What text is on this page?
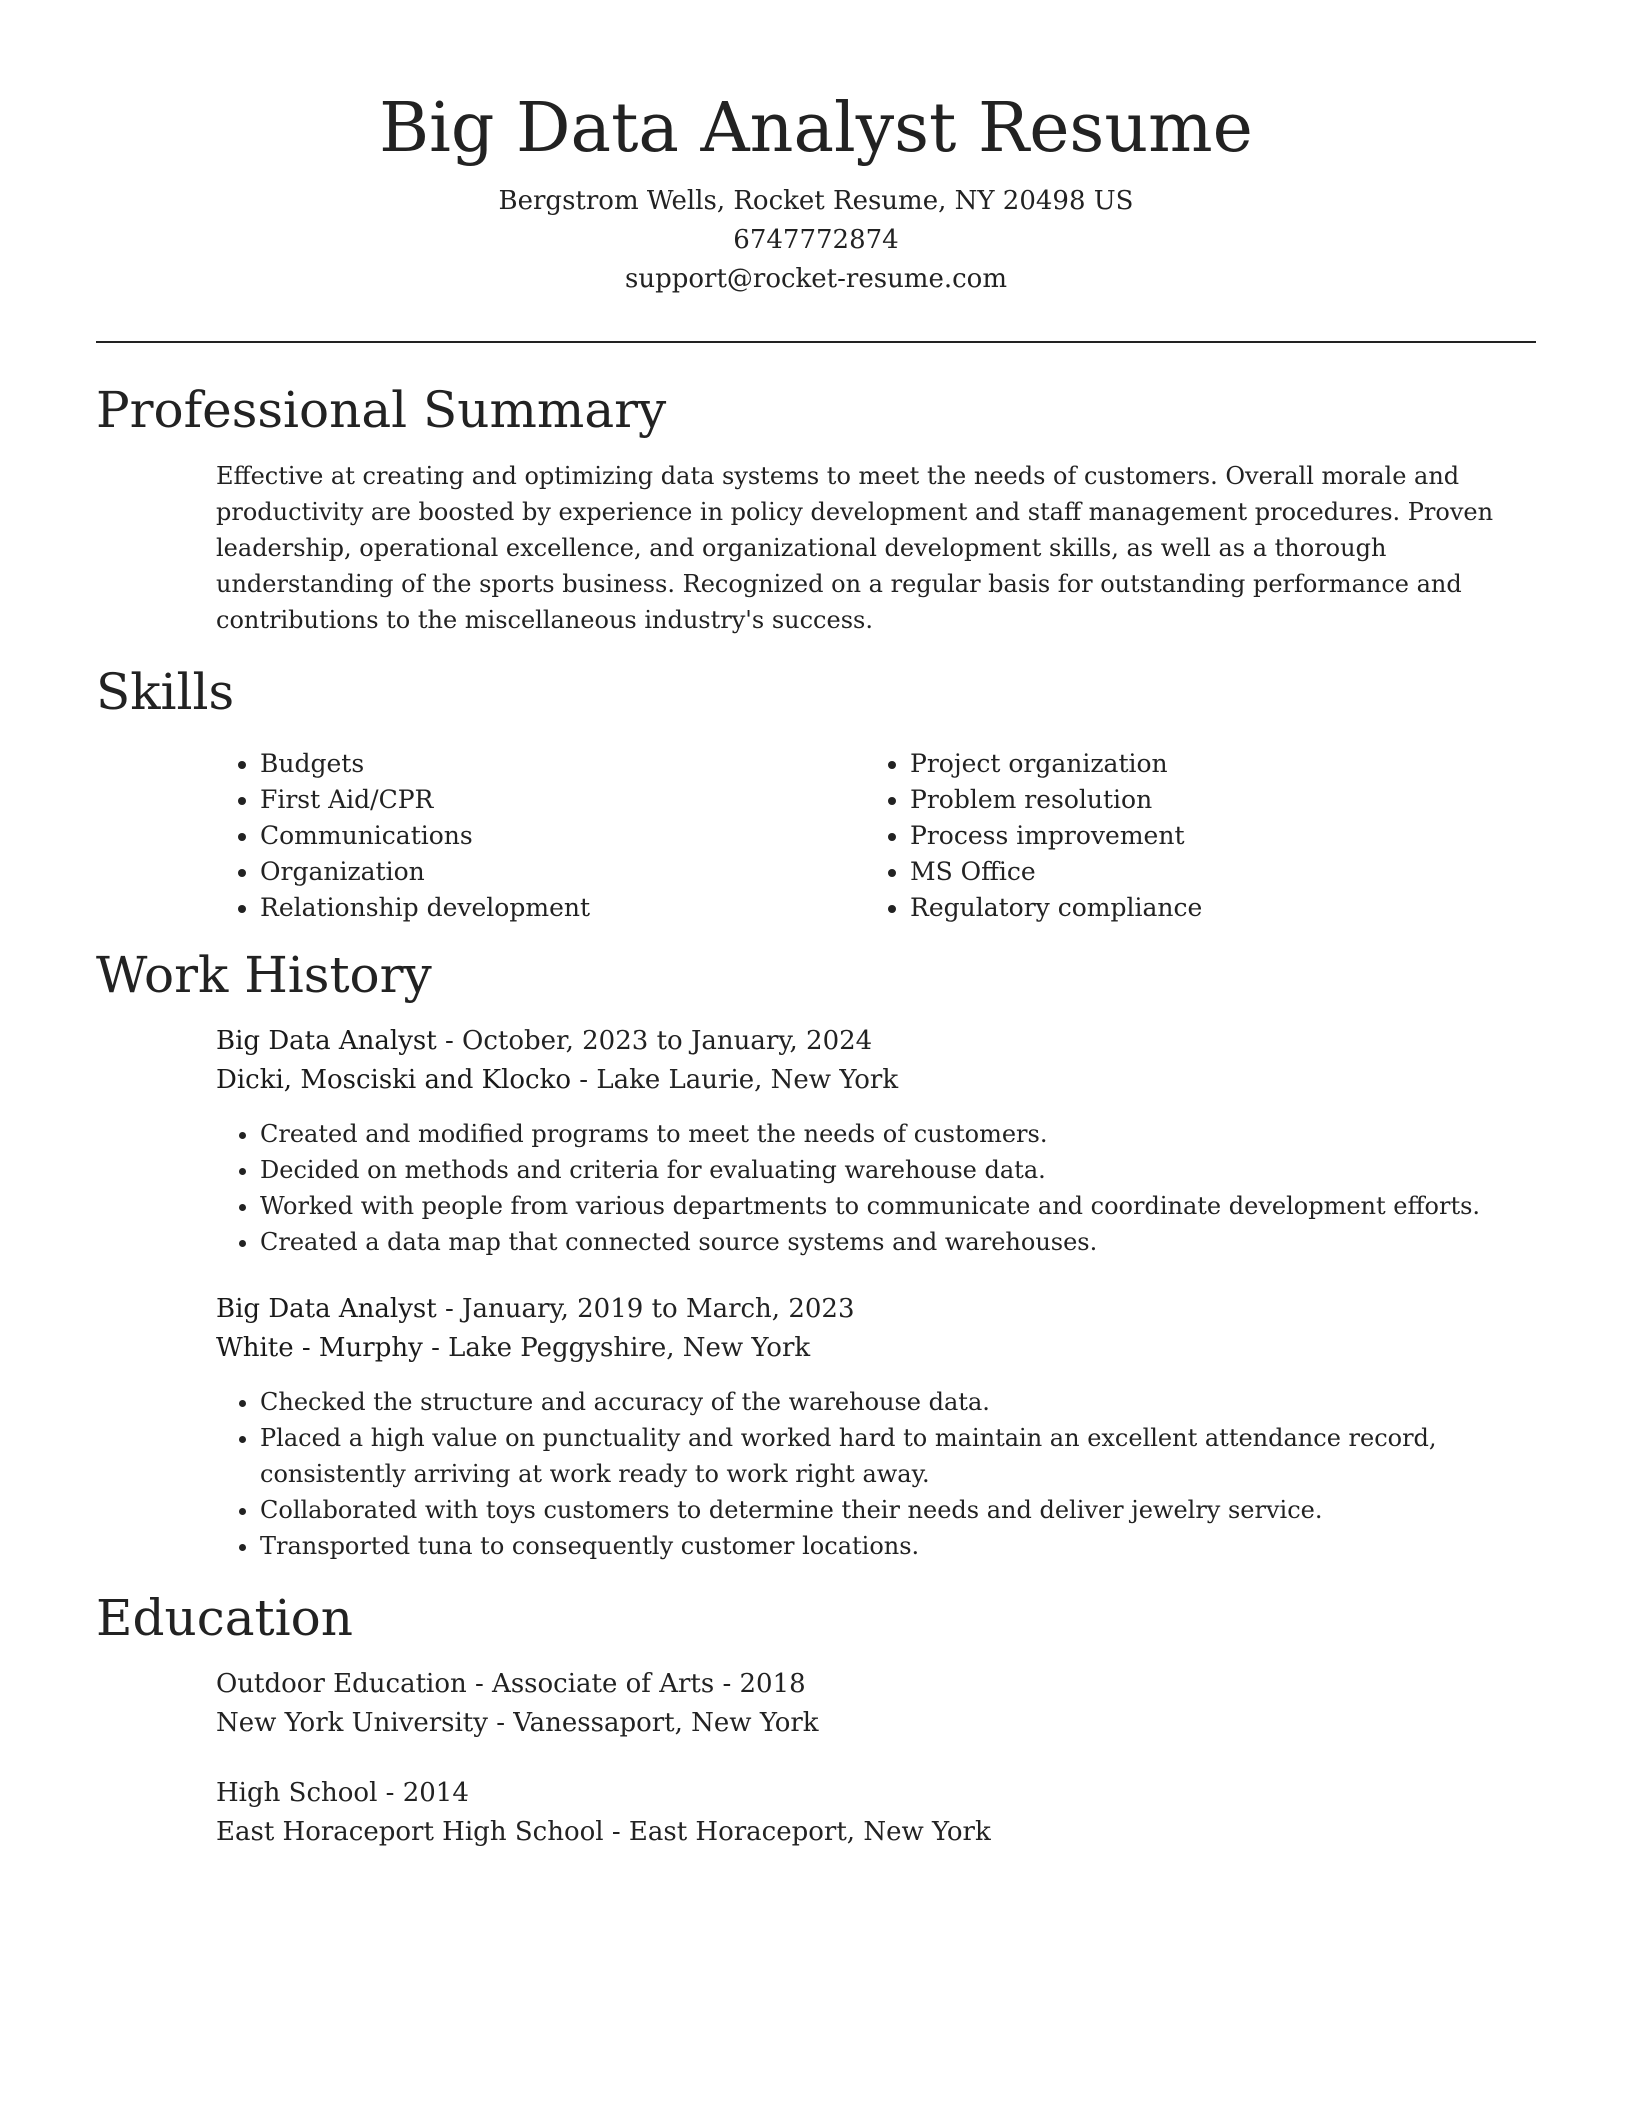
Big Data Analyst Resume
Bergstrom Wells, Rocket Resume, NY 20498 US
6747772874
support@rocket-resume.com
Professional Summary

Effective at creating and optimizing data systems to meet the needs of customers. Overall morale and productivity are boosted by experience in policy development and staff management procedures. Proven leadership, operational excellence, and organizational development skills, as well as a thorough understanding of the sports business. Recognized on a regular basis for outstanding performance and contributions to the miscellaneous industry's success.

Skills
• Budgets
• First Aid/CPR
• Communications
• Organization
• Relationship development
• Project organization
• Problem resolution
• Process improvement
• MS Office
• Regulatory compliance
Work History
Big Data Analyst - October, 2023 to January, 2024
Dicki, Mosciski and Klocko - Lake Laurie, New York
• Created and modified programs to meet the needs of customers.
• Decided on methods and criteria for evaluating warehouse data.
• Worked with people from various departments to communicate and coordinate development efforts.
• Created a data map that connected source systems and warehouses.
Big Data Analyst - January, 2019 to March, 2023
White - Murphy - Lake Peggyshire, New York
• Checked the structure and accuracy of the warehouse data.
• Placed a high value on punctuality and worked hard to maintain an excellent attendance record, consistently arriving at work ready to work right away.
• Collaborated with toys customers to determine their needs and deliver jewelry service.
• Transported tuna to consequently customer locations.
Education
Outdoor Education - Associate of Arts - 2018
New York University - Vanessaport, New York
High School - 2014
East Horaceport High School - East Horaceport, New York
